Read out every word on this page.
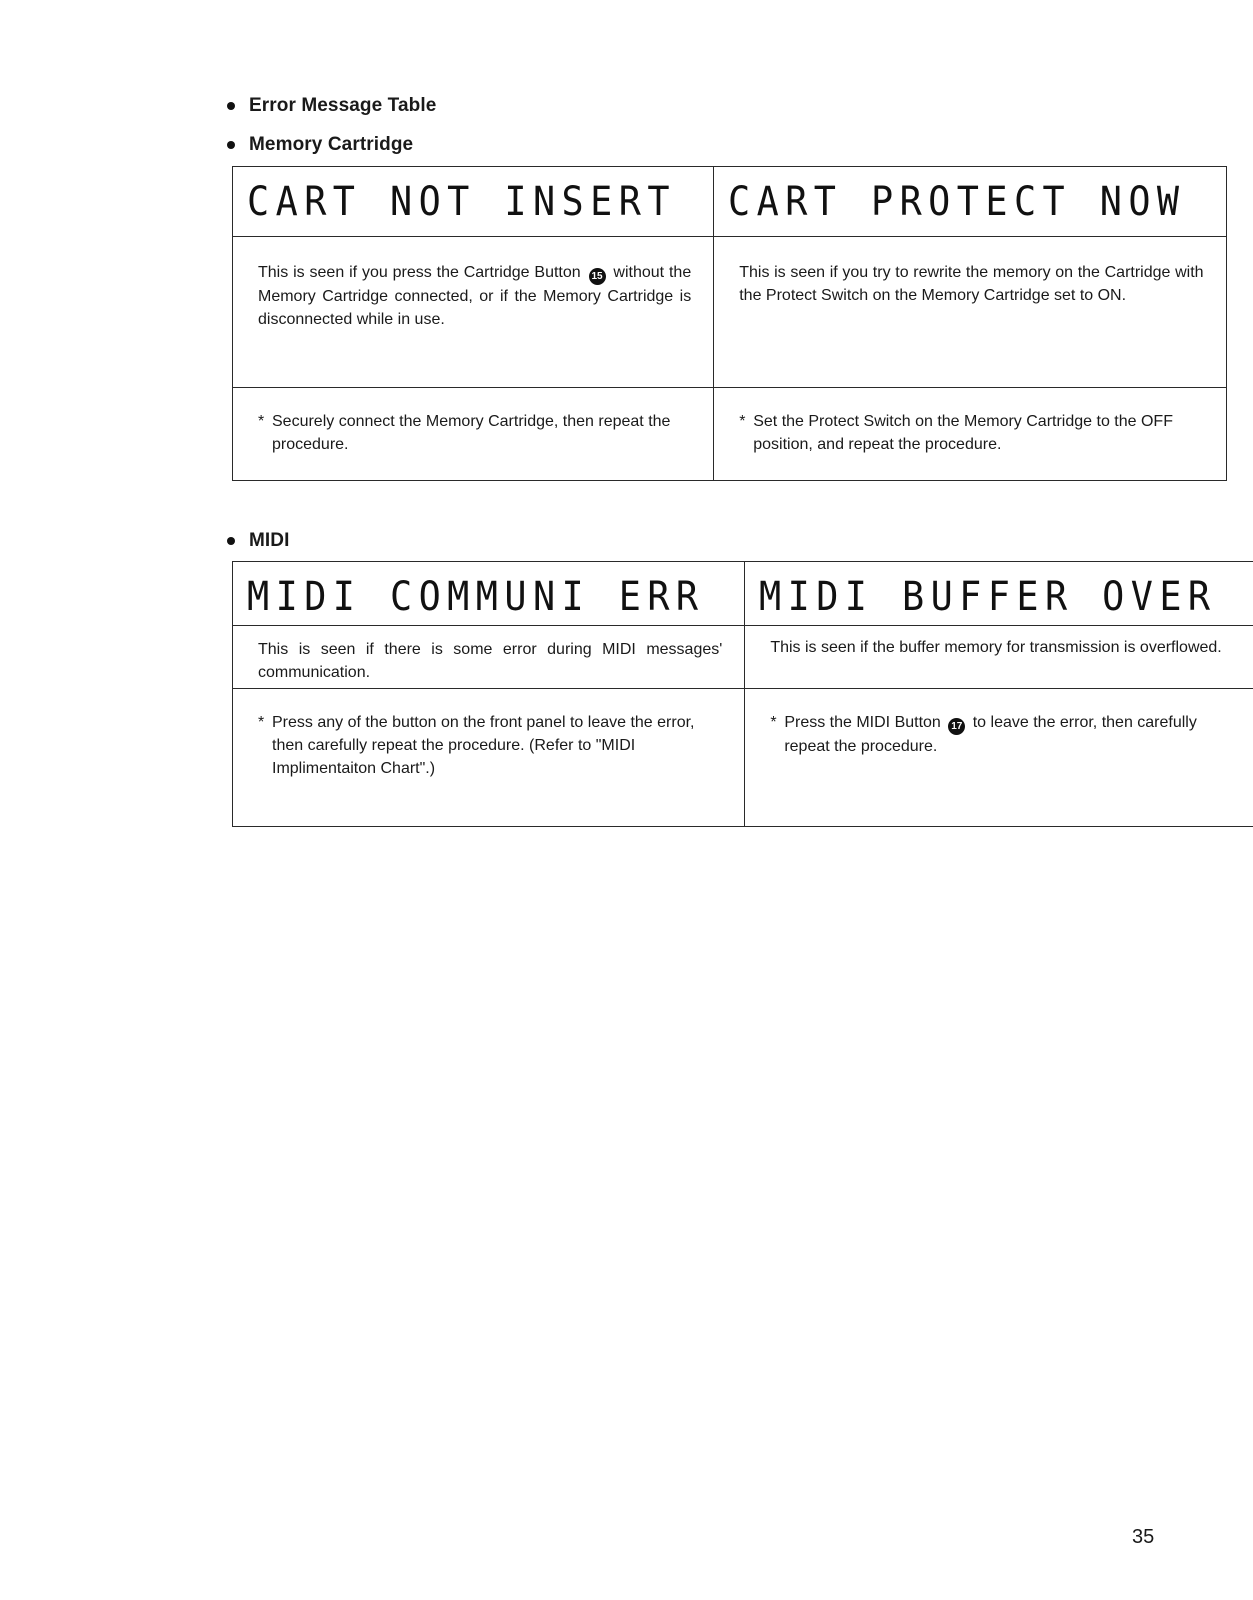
Error Message Table
Memory Cartridge
CART NOT INSERT	CART PROTECT NOW
This is seen if you press the Cartridge Button 15 without the Memory Cartridge connected, or if the Memory Cartridge is disconnected while in use.	This is seen if you try to rewrite the memory on the Cartridge with the Protect Switch on the Memory Cartridge set to ON.

* Securely connect the Memory Cartridge, then repeat the procedure.	* Set the Protect Switch on the Memory Cartridge to the OFF position, and repeat the procedure.
MIDI
MIDI COMMUNI ERR	MIDI BUFFER OVER
This is seen if there is some error during MIDI messages' communication.	This is seen if the buffer memory for transmission is overflowed.

* Press any of the button on the front panel to leave the error, then carefully repeat the procedure. (Refer to "MIDI Implimentaiton Chart".)	* Press the MIDI Button 17 to leave the error, then carefully repeat the procedure.
35
